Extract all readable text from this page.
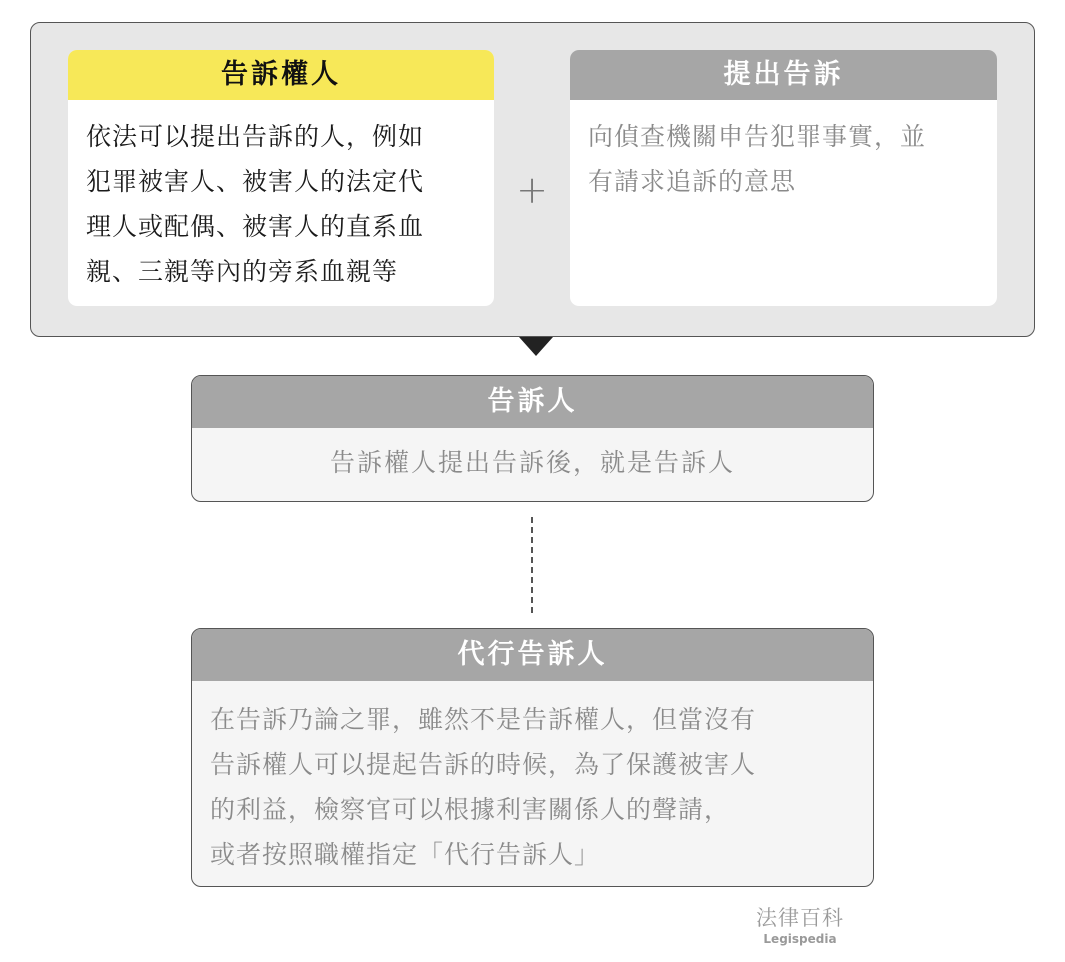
告訴權人
依法可以提出告訴的人，例如
犯罪被害人、被害人的法定代
理人或配偶、被害人的直系血
親、三親等內的旁系血親等
+
提出告訴
向偵查機關申告犯罪事實，並
有請求追訴的意思
告訴人
告訴權人提出告訴後，就是告訴人
代行告訴人
在告訴乃論之罪，雖然不是告訴權人，但當沒有
告訴權人可以提起告訴的時候，為了保護被害人
的利益，檢察官可以根據利害關係人的聲請，
或者按照職權指定「代行告訴人」
法律百科
Legispedia
